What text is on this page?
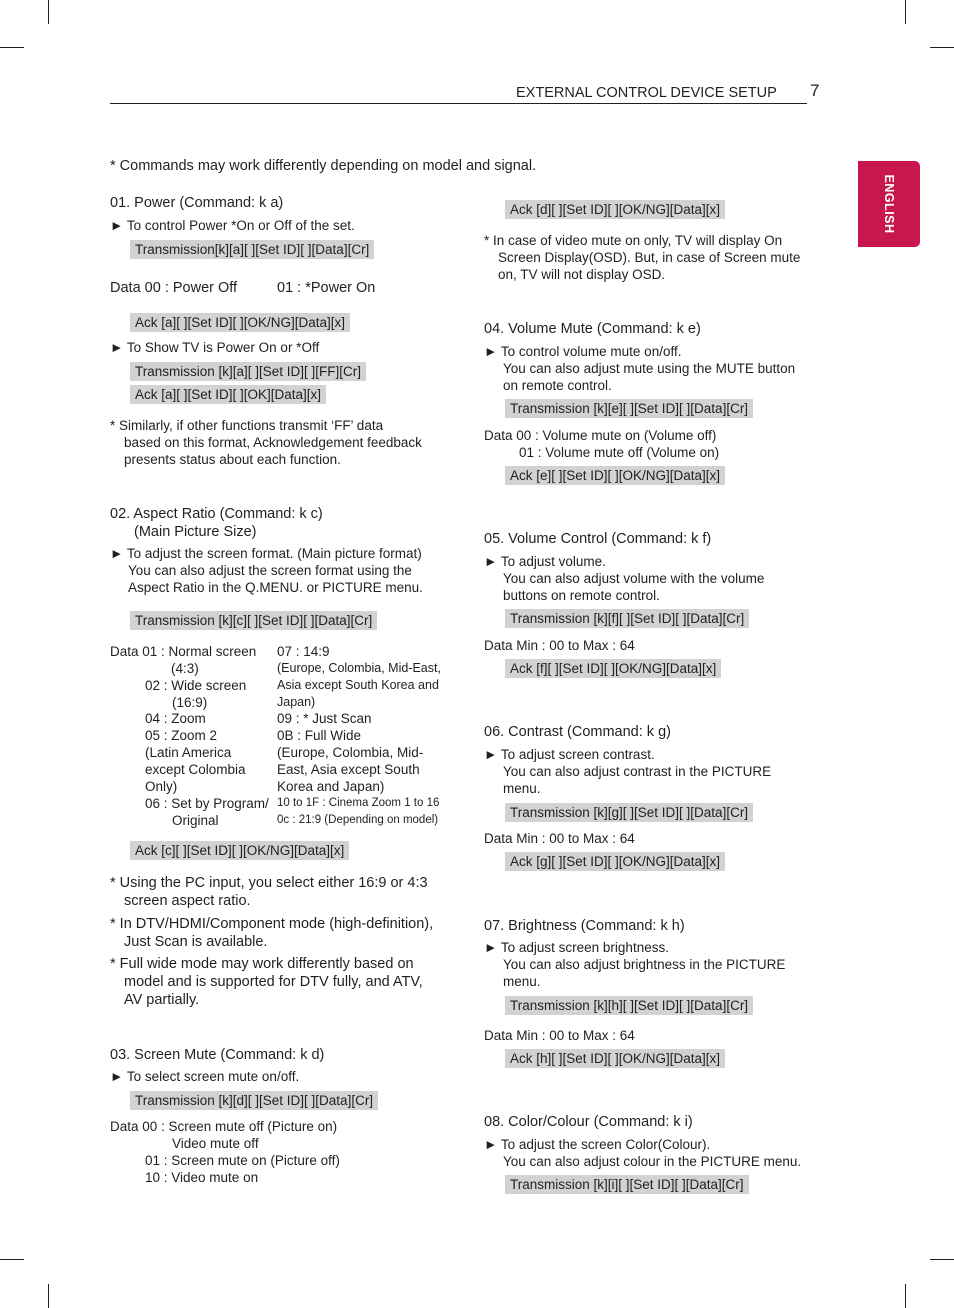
EXTERNAL CONTROL DEVICE SETUP 7
ENGLISH
* Commands may work differently depending on model and signal.
01. Power (Command: k a)
► To control Power *On or Off of the set.
Transmission[k][a][ ][Set ID][ ][Data][Cr]
Data 00 : Power Off	01 : *Power On
Ack [a][ ][Set ID][ ][OK/NG][Data][x]
► To Show TV is Power On or *Off
Transmission [k][a][ ][Set ID][ ][FF][Cr]
Ack [a][ ][Set ID][ ][OK][Data][x]
* Similarly, if other functions transmit ‘FF’ data
based on this format, Acknowledgement feedback
presents status about each function.
02. Aspect Ratio (Command: k c)
(Main Picture Size)
► To adjust the screen format. (Main picture format)
You can also adjust the screen format using the
Aspect Ratio in the Q.MENU. or PICTURE menu.
Transmission [k][c][ ][Set ID][ ][Data][Cr]
Data 01 : Normal screen
(4:3)
02 : Wide screen
(16:9)
04 : Zoom
05 : Zoom 2
(Latin America
except Colombia
Only)
06 : Set by Program/
Original
07 : 14:9
(Europe, Colombia, Mid-East,
Asia except South Korea and
Japan)
09 : * Just Scan
0B : Full Wide
(Europe, Colombia, Mid-
East, Asia except South
Korea and Japan)
10 to 1F : Cinema Zoom 1 to 16
0c : 21:9 (Depending on model)
Ack [c][ ][Set ID][ ][OK/NG][Data][x]
* Using the PC input, you select either 16:9 or 4:3
screen aspect ratio.
* In DTV/HDMI/Component mode (high-definition),
Just Scan is available.
* Full wide mode may work differently based on
model and is supported for DTV fully, and ATV,
AV partially.
03. Screen Mute (Command: k d)
► To select screen mute on/off.
Transmission [k][d][ ][Set ID][ ][Data][Cr]
Data 00 : Screen mute off (Picture on)
Video mute off
01 : Screen mute on (Picture off)
10 : Video mute on
Ack [d][ ][Set ID][ ][OK/NG][Data][x]
* In case of video mute on only, TV will display On
Screen Display(OSD). But, in case of Screen mute
on, TV will not display OSD.
04. Volume Mute (Command: k e)
► To control volume mute on/off.
You can also adjust mute using the MUTE button
on remote control.
Transmission [k][e][ ][Set ID][ ][Data][Cr]
Data 00 : Volume mute on (Volume off)
01 : Volume mute off (Volume on)
Ack [e][ ][Set ID][ ][OK/NG][Data][x]
05. Volume Control (Command: k f)
► To adjust volume.
You can also adjust volume with the volume
buttons on remote control.
Transmission [k][f][ ][Set ID][ ][Data][Cr]
Data Min : 00 to Max : 64
Ack [f][ ][Set ID][ ][OK/NG][Data][x]
06. Contrast (Command: k g)
► To adjust screen contrast.
You can also adjust contrast in the PICTURE
menu.
Transmission [k][g][ ][Set ID][ ][Data][Cr]
Data Min : 00 to Max : 64
Ack [g][ ][Set ID][ ][OK/NG][Data][x]
07. Brightness (Command: k h)
► To adjust screen brightness.
You can also adjust brightness in the PICTURE
menu.
Transmission [k][h][ ][Set ID][ ][Data][Cr]
Data Min : 00 to Max : 64
Ack [h][ ][Set ID][ ][OK/NG][Data][x]
08. Color/Colour (Command: k i)
► To adjust the screen Color(Colour).
You can also adjust colour in the PICTURE menu.
Transmission [k][i][ ][Set ID][ ][Data][Cr]
